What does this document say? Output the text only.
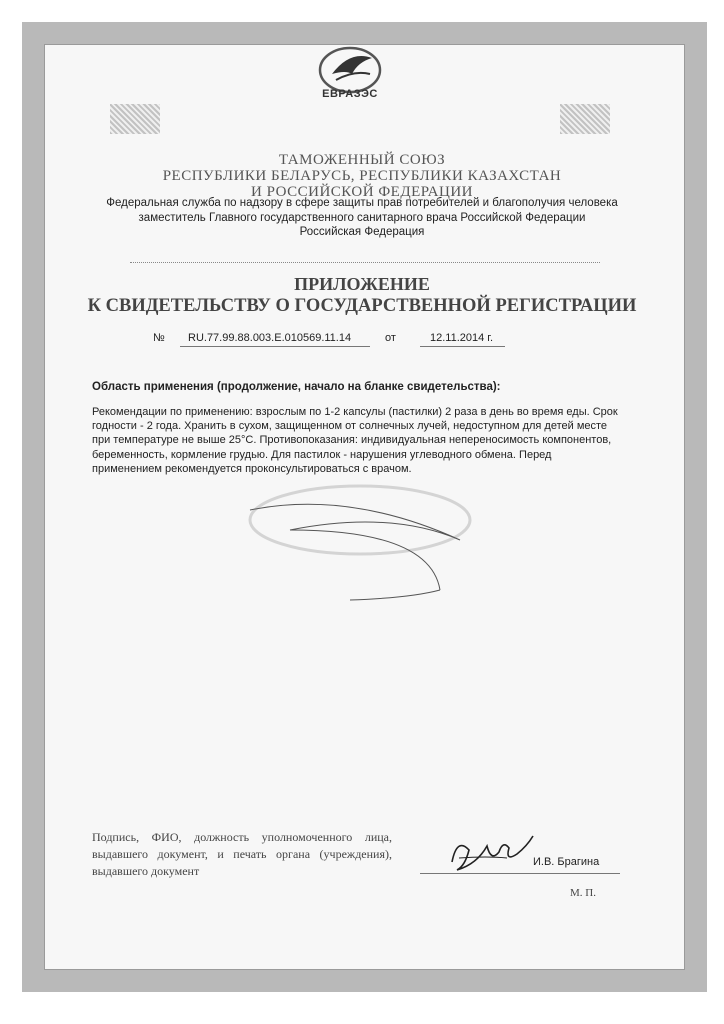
ЕВРАЗЭС
ТАМОЖЕННЫЙ СОЮЗ
РЕСПУБЛИКИ БЕЛАРУСЬ, РЕСПУБЛИКИ КАЗАХСТАН
И РОССИЙСКОЙ ФЕДЕРАЦИИ
Федеральная служба по надзору в сфере защиты прав потребителей и благополучия человека
заместитель Главного государственного санитарного врача Российской Федерации
Российская Федерация
ПРИЛОЖЕНИЕ
К СВИДЕТЕЛЬСТВУ О ГОСУДАРСТВЕННОЙ РЕГИСТРАЦИИ
№ RU.77.99.88.003.E.010569.11.14	от	12.11.2014 г.
Область применения (продолжение, начало на бланке свидетельства):
Рекомендации по применению: взрослым по 1-2 капсулы (пастилки) 2 раза в день во время еды. Срок годности - 2 года. Хранить в сухом, защищенном от солнечных лучей, недоступном для детей месте при температуре не выше 25°С. Противопоказания: индивидуальная непереносимость компонентов, беременность, кормление грудью. Для пастилок - нарушения углеводного обмена. Перед применением рекомендуется проконсультироваться с врачом.
Подпись, ФИО, должность уполномоченного лица, выдавшего документ, и печать органа (учреждения), выдавшего документ
И.В. Брагина
М. П.
